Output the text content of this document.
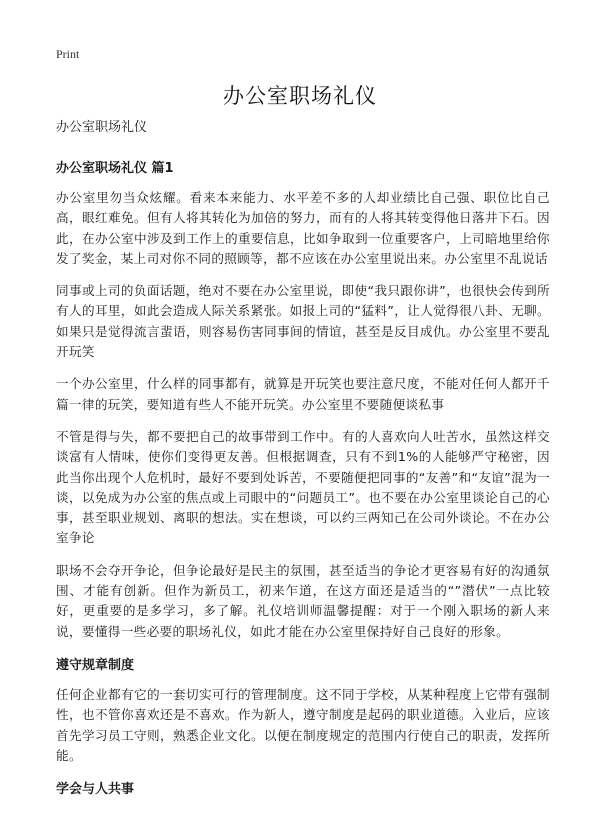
Print
办公室职场礼仪

办公室职场礼仪

办公室职场礼仪 篇1

办公室里勿当众炫耀。看来本来能力、水平差不多的人却业绩比自己强、职位比自己高，眼红难免。但有人将其转化为加倍的努力，而有的人将其转变得他日落井下石。因此，在办公室中涉及到工作上的重要信息，比如争取到一位重要客户，上司暗地里给你发了奖金，某上司对你不同的照顾等，都不应该在办公室里说出来。办公室里不乱说话

同事或上司的负面话题，绝对不要在办公室里说，即使“我只跟你讲”，也很快会传到所有人的耳里，如此会造成人际关系紧张。如报上司的“猛料”，让人觉得很八卦、无聊。如果只是觉得流言蜚语，则容易伤害同事间的情谊，甚至是反目成仇。办公室里不要乱开玩笑

一个办公室里，什么样的同事都有，就算是开玩笑也要注意尺度，不能对任何人都开千篇一律的玩笑，要知道有些人不能开玩笑。办公室里不要随便谈私事

不管是得与失，都不要把自己的故事带到工作中。有的人喜欢向人吐苦水，虽然这样交谈富有人情味，使你们变得更友善。但根据调查，只有不到1%的人能够严守秘密，因此当你出现个人危机时，最好不要到处诉苦，不要随便把同事的“友善”和“友谊”混为一谈，以免成为办公室的焦点或上司眼中的“问题员工”。也不要在办公室里谈论自己的心事，甚至职业规划、离职的想法。实在想谈，可以约三两知己在公司外谈论。不在办公室争论

职场不会夺开争论，但争论最好是民主的氛围，甚至适当的争论才更容易有好的沟通氛围、才能有创新。但作为新员工，初来乍道，在这方面还是适当的“”潜伏”一点比较好，更重要的是多学习，多了解。礼仪培训师温馨提醒：对于一个刚入职场的新人来说，要懂得一些必要的职场礼仪，如此才能在办公室里保持好自己良好的形象。

遵守规章制度

任何企业都有它的一套切实可行的管理制度。这不同于学校，从某种程度上它带有强制性，也不管你喜欢还是不喜欢。作为新人，遵守制度是起码的职业道德。入业后，应该首先学习员工守则，熟悉企业文化。以便在制度规定的范围内行使自己的职责，发挥所能。

学会与人共事
